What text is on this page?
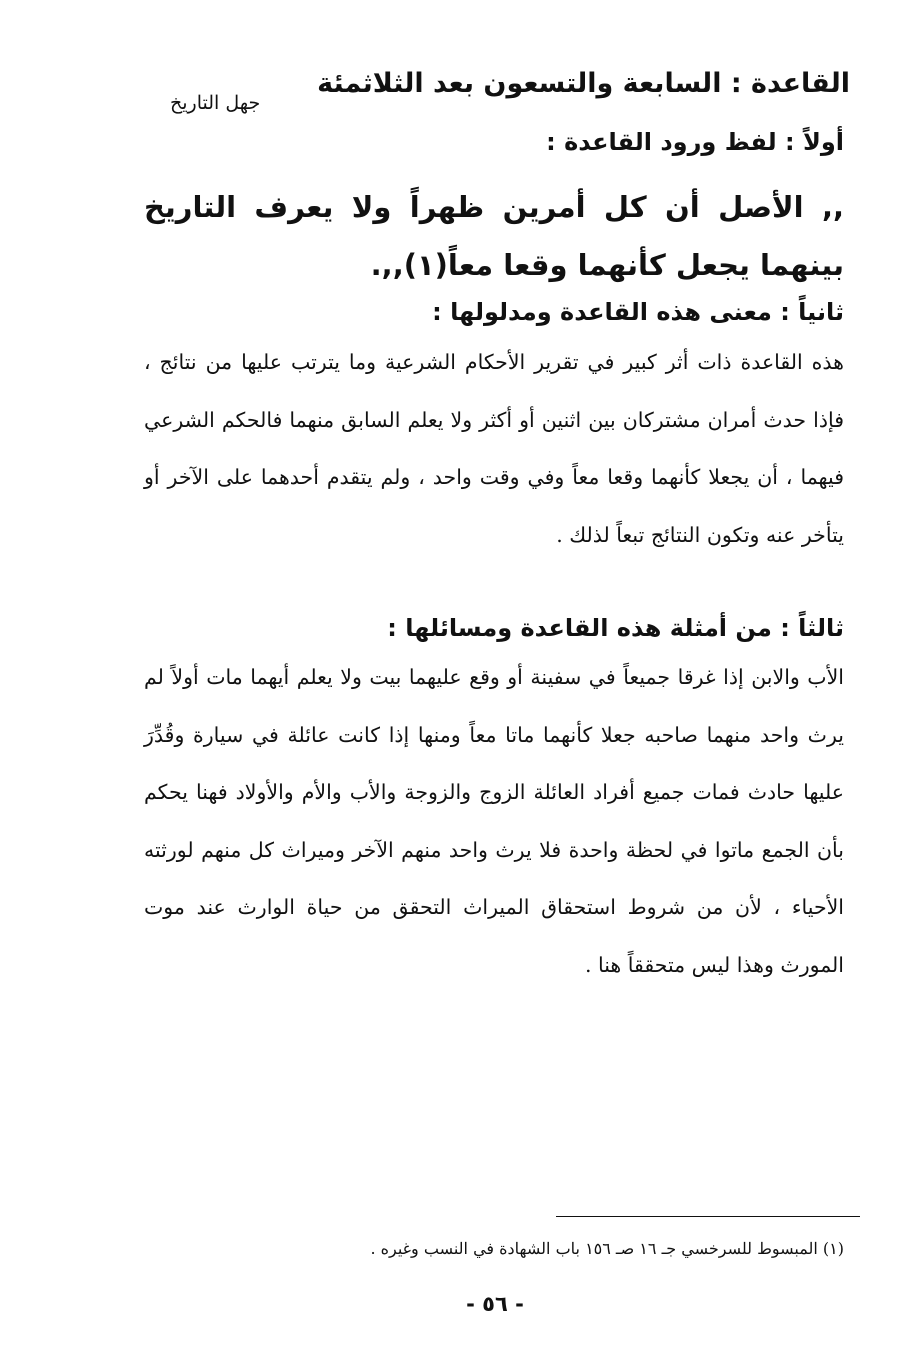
القاعدة : السابعة والتسعون بعد الثلاثمئة
جهل التاريخ
أولاً : لفظ ورود القاعدة :
,, الأصل أن كل أمرين ظهراً ولا يعرف التاريخ بينهما يجعل كأنهما وقعا معاً(١),,.
ثانياً : معنى هذه القاعدة ومدلولها :
هذه القاعدة ذات أثر كبير في تقرير الأحكام الشرعية وما يترتب عليها من نتائج ، فإذا حدث أمران مشتركان بين اثنين أو أكثر ولا يعلم السابق منهما فالحكم الشرعي فيهما ، أن يجعلا كأنهما وقعا معاً وفي وقت واحد ، ولم يتقدم أحدهما على الآخر أو يتأخر عنه وتكون النتائج تبعاً لذلك .
ثالثاً : من أمثلة هذه القاعدة ومسائلها :
الأب والابن إذا غرقا جميعاً في سفينة أو وقع عليهما بيت ولا يعلم أيهما مات أولاً لم يرث واحد منهما صاحبه جعلا كأنهما ماتا معاً ومنها إذا كانت عائلة في سيارة وقُدِّرَ عليها حادث فمات جميع أفراد العائلة الزوج والزوجة والأب والأم والأولاد فهنا يحكم بأن الجمع ماتوا في لحظة واحدة فلا يرث واحد منهم الآخر وميراث كل منهم لورثته الأحياء ، لأن من شروط استحقاق الميراث التحقق من حياة الوارث عند موت المورث وهذا ليس متحققاً هنا .
(١) المبسوط للسرخسي جـ ١٦ صـ ١٥٦ باب الشهادة في النسب وغيره .
- ٥٦ -
